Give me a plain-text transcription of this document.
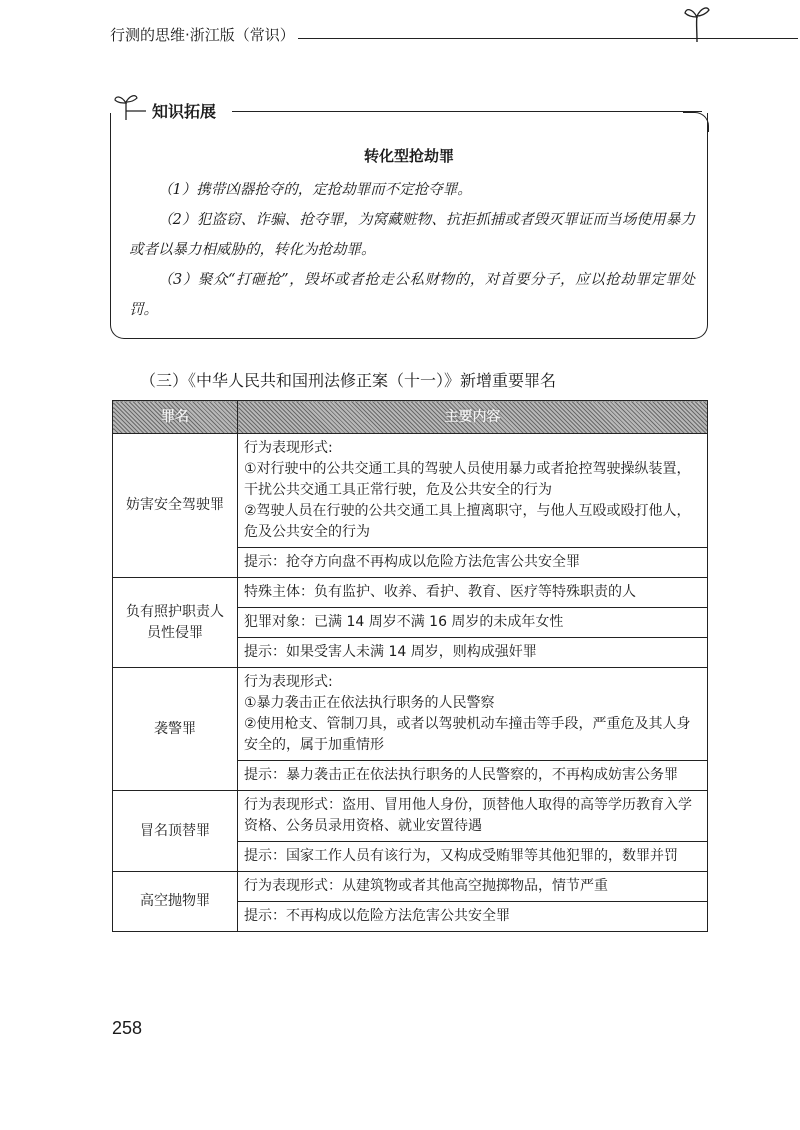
行测的思维·浙江版（常识）
知识拓展
转化型抢劫罪

（1）携带凶器抢夺的，定抢劫罪而不定抢夺罪。

（2）犯盗窃、诈骗、抢夺罪，为窝藏赃物、抗拒抓捕或者毁灭罪证而当场使用暴力或者以暴力相威胁的，转化为抢劫罪。

（3）聚众“打砸抢”，毁坏或者抢走公私财物的，对首要分子，应以抢劫罪定罪处罚。

（三）《中华人民共和国刑法修正案（十一）》新增重要罪名
罪名	主要内容
妨害安全驾驶罪	行为表现形式:
①对行驶中的公共交通工具的驾驶人员使用暴力或者抢控驾驶操纵装置，干扰公共交通工具正常行驶，危及公共安全的行为
②驾驶人员在行驶的公共交通工具上擅离职守，与他人互殴或殴打他人，危及公共安全的行为

	提示：抢夺方向盘不再构成以危险方法危害公共安全罪
负有照护职责人员性侵罪	特殊主体：负有监护、收养、看护、教育、医疗等特殊职责的人
	犯罪对象：已满 14 周岁不满 16 周岁的未成年女性
	提示：如果受害人未满 14 周岁，则构成强奸罪
袭警罪	行为表现形式:
①暴力袭击正在依法执行职务的人民警察
②使用枪支、管制刀具，或者以驾驶机动车撞击等手段，严重危及其人身安全的，属于加重情形

	提示：暴力袭击正在依法执行职务的人民警察的，不再构成妨害公务罪
冒名顶替罪	行为表现形式：盗用、冒用他人身份，顶替他人取得的高等学历教育入学资格、公务员录用资格、就业安置待遇
	提示：国家工作人员有该行为，又构成受贿罪等其他犯罪的，数罪并罚
高空抛物罪	行为表现形式：从建筑物或者其他高空抛掷物品，情节严重
	提示：不再构成以危险方法危害公共安全罪
258
